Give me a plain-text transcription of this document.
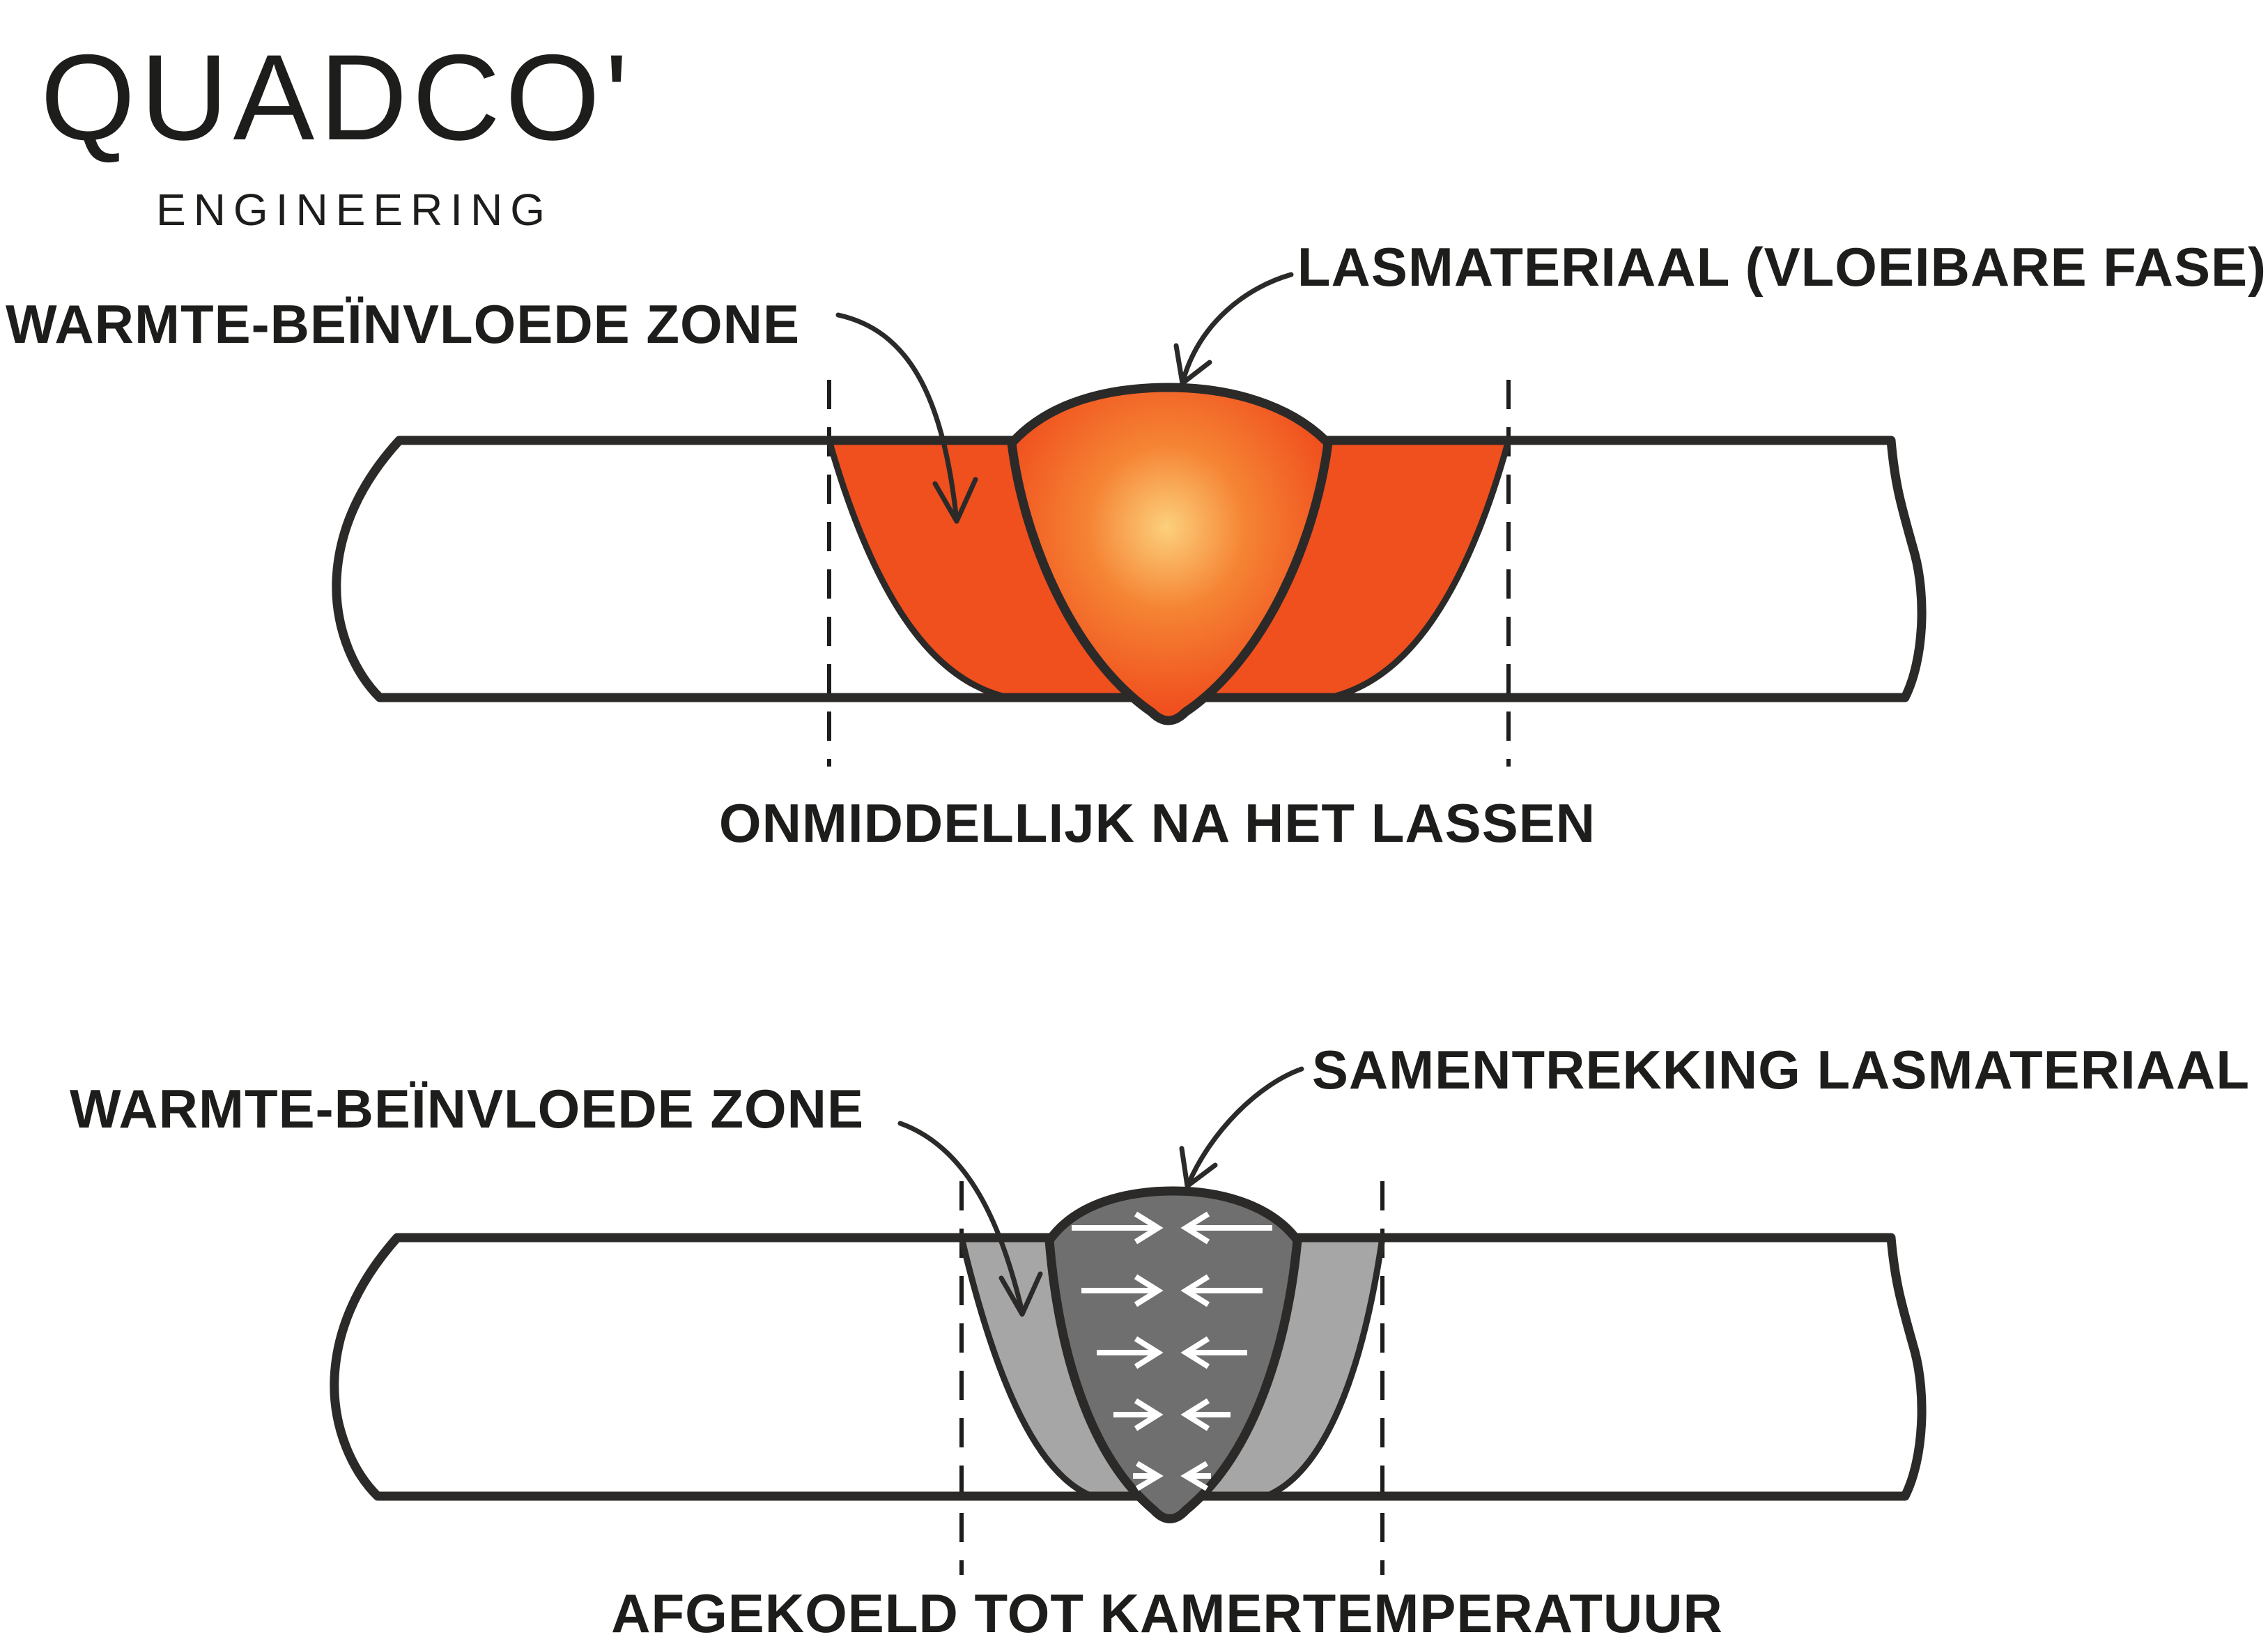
QUADCO'
ENGINEERING
WARMTE-BEÏNVLOEDE ZONE
LASMATERIAAL (VLOEIBARE FASE)
ONMIDDELLIJK NA HET LASSEN
WARMTE-BEÏNVLOEDE ZONE
SAMENTREKKING LASMATERIAAL
AFGEKOELD TOT KAMERTEMPERATUUR
